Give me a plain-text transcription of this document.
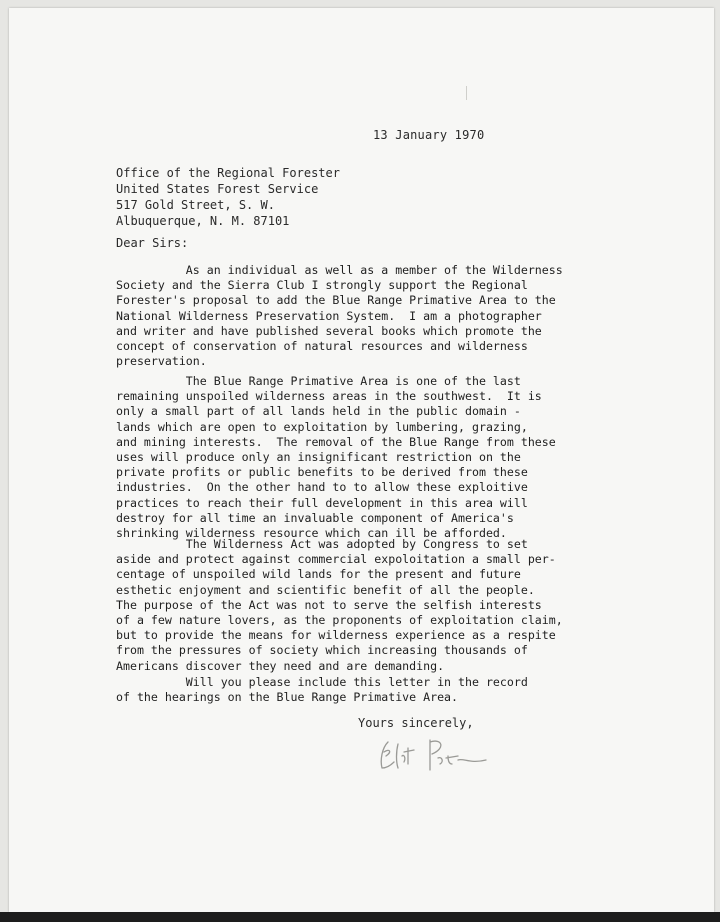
13 January 1970
Office of the Regional Forester
United States Forest Service
517 Gold Street, S. W.
Albuquerque, N. M. 87101
Dear Sirs:

As an individual as well as a member of the Wilderness
Society and the Sierra Club I strongly support the Regional
Forester's proposal to add the Blue Range Primative Area to the
National Wilderness Preservation System.  I am a photographer
and writer and have published several books which promote the
concept of conservation of natural resources and wilderness
preservation.

The Blue Range Primative Area is one of the last
remaining unspoiled wilderness areas in the southwest.  It is
only a small part of all lands held in the public domain -
lands which are open to exploitation by lumbering, grazing,
and mining interests.  The removal of the Blue Range from these
uses will produce only an insignificant restriction on the
private profits or public benefits to be derived from these
industries.  On the other hand to to allow these exploitive
practices to reach their full development in this area will
destroy for all time an invaluable component of America's
shrinking wilderness resource which can ill be afforded.

The Wilderness Act was adopted by Congress to set
aside and protect against commercial expoloitation a small per-
centage of unspoiled wild lands for the present and future
esthetic enjoyment and scientific benefit of all the people.
The purpose of the Act was not to serve the selfish interests
of a few nature lovers, as the proponents of exploitation claim,
but to provide the means for wilderness experience as a respite
from the pressures of society which increasing thousands of
Americans discover they need and are demanding.

Will you please include this letter in the record
of the hearings on the Blue Range Primative Area.

Yours sincerely,
